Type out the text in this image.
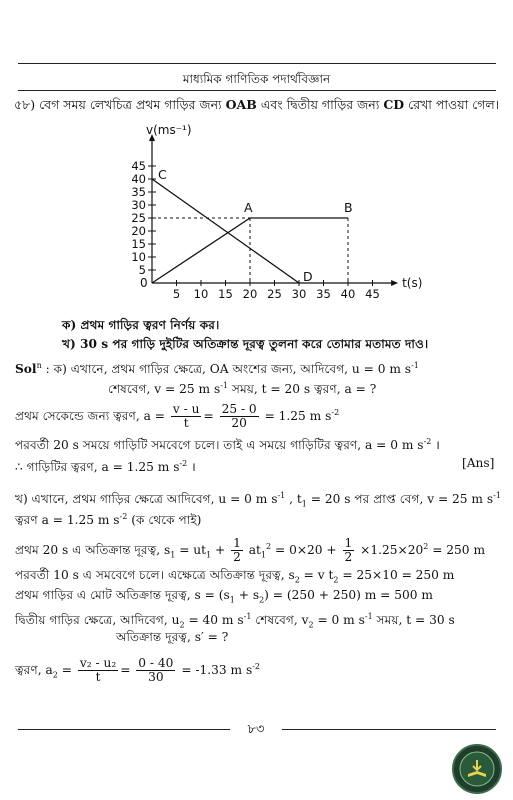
মাধ্যমিক গাণিতিক পদার্থবিজ্ঞান
৫৮) বেগ সময় লেখচিত্র প্রথম গাড়ির জন্য OAB এবং দ্বিতীয় গাড়ির জন্য CD রেখা পাওয়া গেল।
v(ms⁻¹)
t(s)
0
5 10 15 20 25 30 35 40 45
5
10
15
20
25
30
35
40
45
A	B
C
D
ক) প্রথম গাড়ির ত্বরণ নির্ণয় কর।
খ) 30 s পর গাড়ি দুইটির অতিক্রান্ত দূরত্ব তুলনা করে তোমার মতামত দাও।
Sol$^n$ : ক) এখানে, প্রথম গাড়ির ক্ষেত্রে, OA অংশের জন্য, আদিবেগ, u = 0 m $s^{-1}$
শেষবেগ, v = 25 m $s^{-1}$ সময়, t = 20 s ত্বরণ, a = ?
প্রথম সেকেন্ডে জন্য ত্বরণ, $a = \frac{v - u}{t} = \frac{25 - 0}{20} = 1.25$ m $s^{-2}$
পরবর্তী 20 s সময়ে গাড়িটি সমবেগে চলে। তাই এ সময়ে গাড়িটির ত্বরণ, a = 0 m $s^{-2}$ ।
∴ গাড়িটির ত্বরণ, a = 1.25 m $s^{-2}$ ।	[Ans]
খ) এখানে, প্রথম গাড়ির ক্ষেত্রে আদিবেগ, u = 0 m $s^{-1}$ , $t_1 = 20$ s পর প্রাপ্ত বেগ, v = 25 m $s^{-1}$
ত্বরণ a = 1.25 m $s^{-2}$ (ক থেকে পাই)
প্রথম 20 s এ অতিক্রান্ত দূরত্ব, $s_1 = ut_1 + \frac{1}{2} at_1^2 = 0\times 20 + \frac{1}{2} \times 1.25\times 20^2 = 250$ m
পরবর্তী 10 s এ সমবেগে চলে। এক্ষেত্রে অতিক্রান্ত দূরত্ব, $s_2 = v$ $t_2 = 25\times 10 = 250$ m
প্রথম গাড়ির এ মোট অতিক্রান্ত দূরত্ব, $s = (s_1 + s_2) = (250 + 250) m = 500$ m
দ্বিতীয় গাড়ির ক্ষেত্রে, আদিবেগ, $u_2 = 40$ m $s^{-1}$ শেষবেগ, $v_2 = 0$ m $s^{-1}$ সময়, t = 30 s
অতিক্রান্ত দূরত্ব, s′ = ?
ত্বরণ, $a_2 = \frac{\text{v₂ - u₂}}{t} = \frac{0 - 40}{30} = -1.33$ m $s^{-2}$
৮৩
